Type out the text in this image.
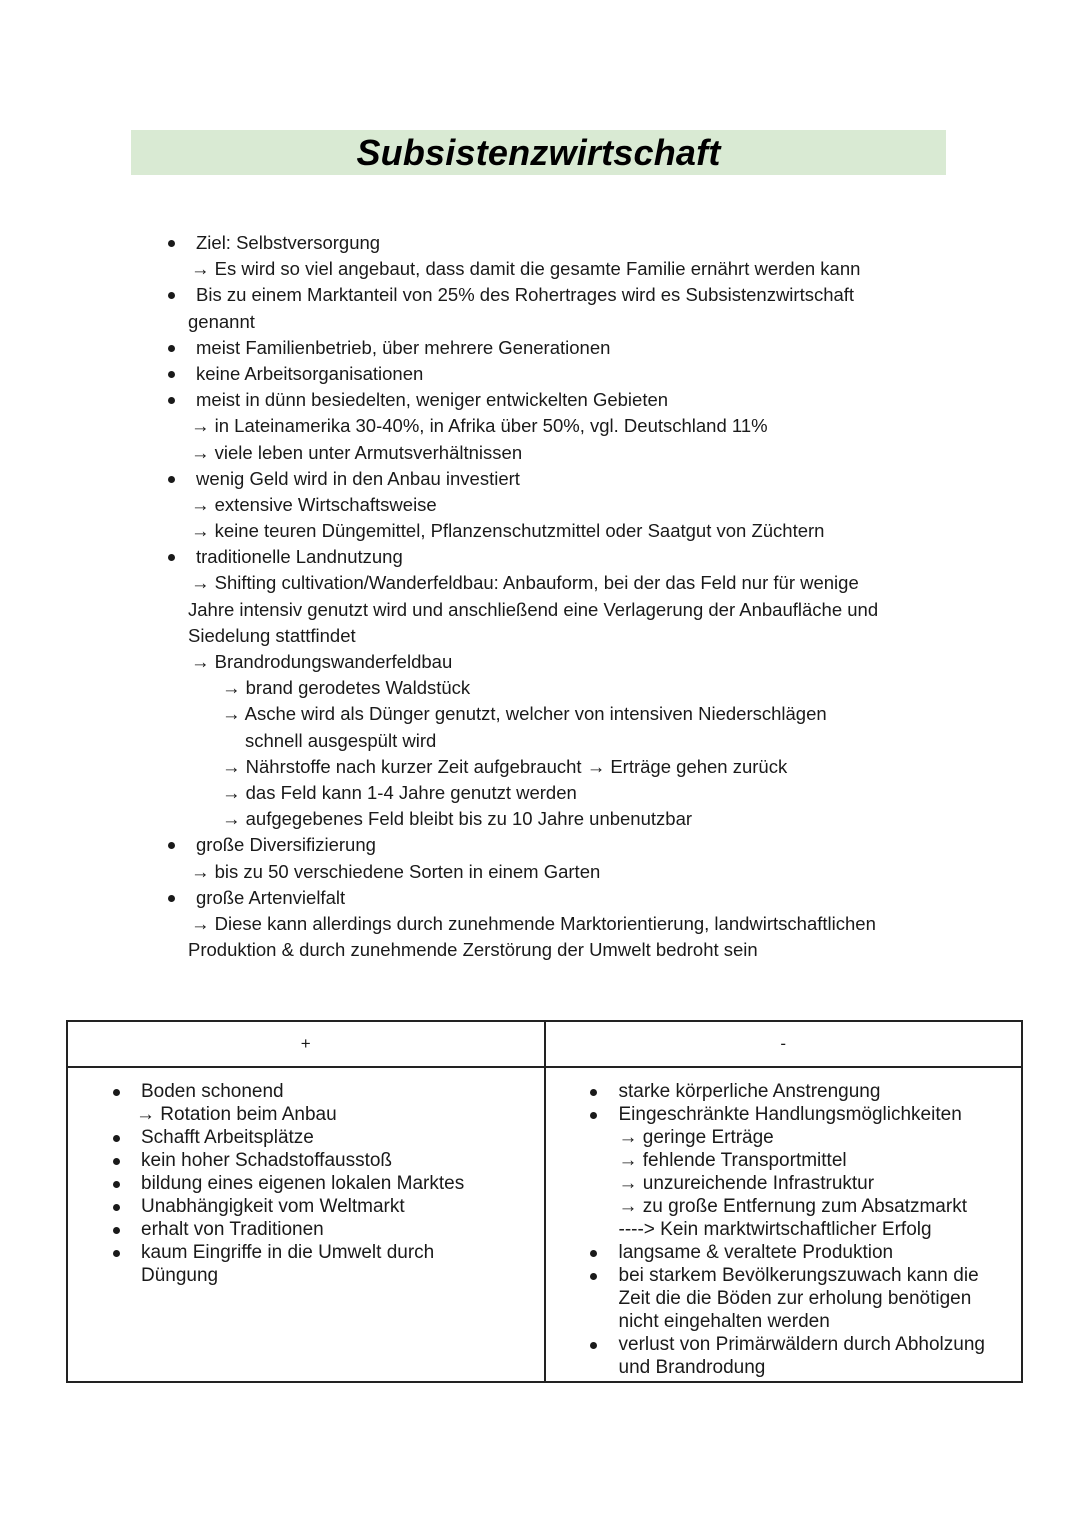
Subsistenzwirtschaft
Ziel: Selbstversorgung
→ Es wird so viel angebaut, dass damit die gesamte Familie ernährt werden kann
Bis zu einem Marktanteil von 25% des Rohertrages wird es Subsistenzwirtschaft
genannt
meist Familienbetrieb, über mehrere Generationen
keine Arbeitsorganisationen
meist in dünn besiedelten, weniger entwickelten Gebieten
→ in Lateinamerika 30-40%, in Afrika über 50%, vgl. Deutschland 11%
→ viele leben unter Armutsverhältnissen
wenig Geld wird in den Anbau investiert
→ extensive Wirtschaftsweise
→ keine teuren Düngemittel, Pflanzenschutzmittel oder Saatgut von Züchtern
traditionelle Landnutzung
→ Shifting cultivation/Wanderfeldbau: Anbauform, bei der das Feld nur für wenige
Jahre intensiv genutzt wird und anschließend eine Verlagerung der Anbaufläche und
Siedelung stattfindet
→ Brandrodungswanderfeldbau
→ brand gerodetes Waldstück
→ Asche wird als Dünger genutzt, welcher von intensiven Niederschlägen
schnell ausgespült wird
→ Nährstoffe nach kurzer Zeit aufgebraucht → Erträge gehen zurück
→ das Feld kann 1-4 Jahre genutzt werden
→ aufgegebenes Feld bleibt bis zu 10 Jahre unbenutzbar
große Diversifizierung
→ bis zu 50 verschiedene Sorten in einem Garten
große Artenvielfalt
→ Diese kann allerdings durch zunehmende Marktorientierung, landwirtschaftlichen
Produktion & durch zunehmende Zerstörung der Umwelt bedroht sein
+	-

Boden schonend
→ Rotation beim Anbau
Schafft Arbeitsplätze
kein hoher Schadstoffausstoß
bildung eines eigenen lokalen Marktes
Unabhängigkeit vom Weltmarkt
erhalt von Traditionen
kaum Eingriffe in die Umwelt durch
Düngung

starke körperliche Anstrengung
Eingeschränkte Handlungsmöglichkeiten
→ geringe Erträge
→ fehlende Transportmittel
→ unzureichende Infrastruktur
→ zu große Entfernung zum Absatzmarkt
----> Kein marktwirtschaftlicher Erfolg
langsame & veraltete Produktion
bei starkem Bevölkerungszuwach kann die
Zeit die die Böden zur erholung benötigen
nicht eingehalten werden
verlust von Primärwäldern durch Abholzung
und Brandrodung
